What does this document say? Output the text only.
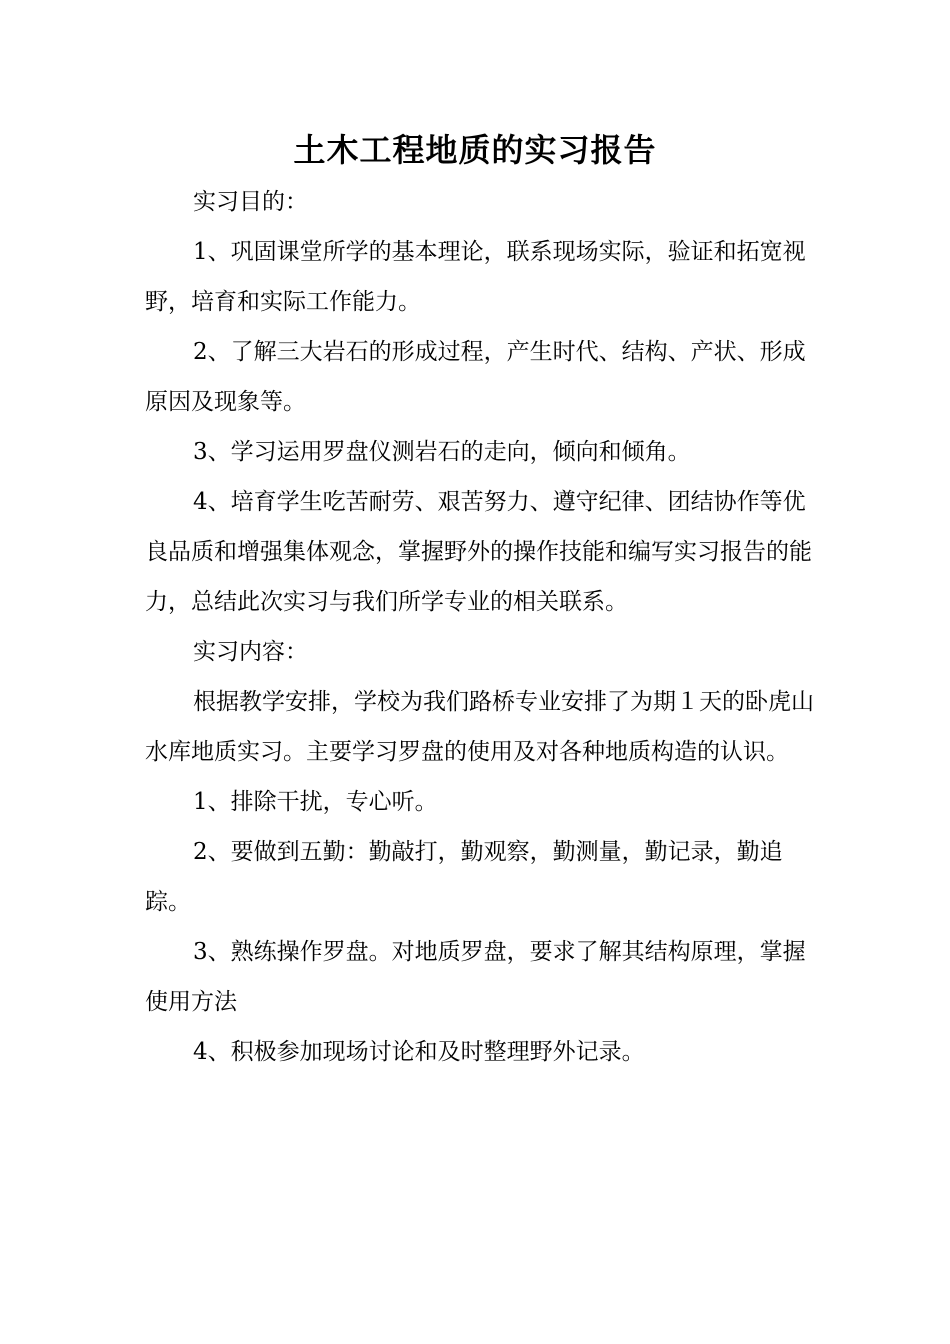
土木工程地质的实习报告

实习目的：

1、巩固课堂所学的基本理论，联系现场实际，验证和拓宽视野，培育和实际工作能力。

2、了解三大岩石的形成过程，产生时代、结构、产状、形成原因及现象等。

3、学习运用罗盘仪测岩石的走向，倾向和倾角。

4、培育学生吃苦耐劳、艰苦努力、遵守纪律、团结协作等优良品质和增强集体观念，掌握野外的操作技能和编写实习报告的能力，总结此次实习与我们所学专业的相关联系。

实习内容：

根据教学安排，学校为我们路桥专业安排了为期１天的卧虎山水库地质实习。主要学习罗盘的使用及对各种地质构造的认识。

1、排除干扰，专心听。

2、要做到五勤：勤敲打，勤观察，勤测量，勤记录，勤追踪。

3、熟练操作罗盘。对地质罗盘，要求了解其结构原理，掌握使用方法

4、积极参加现场讨论和及时整理野外记录。
